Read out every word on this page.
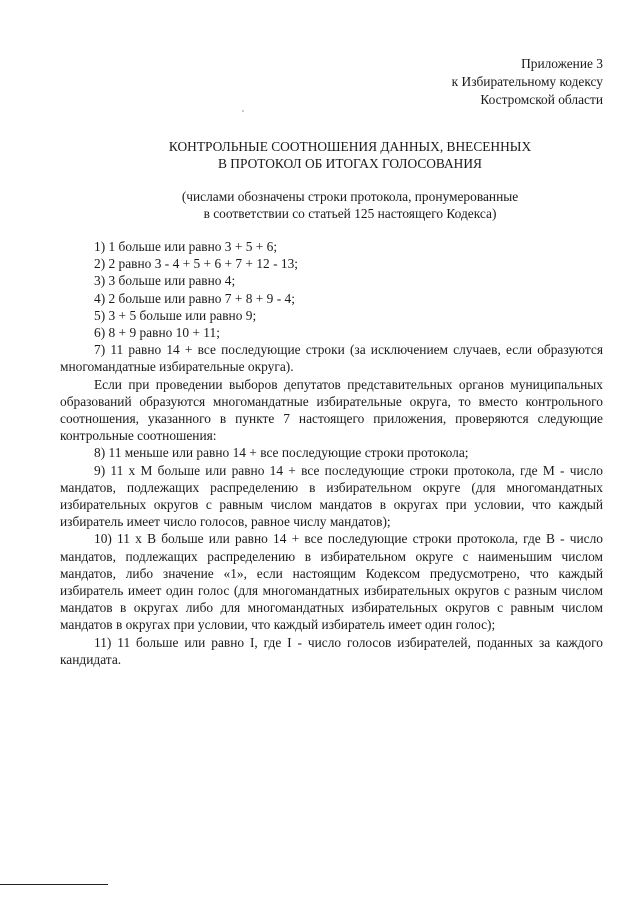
Приложение 3
к Избирательному кодексу
Костромской области
КОНТРОЛЬНЫЕ СООТНОШЕНИЯ ДАННЫХ, ВНЕСЕННЫХ
В ПРОТОКОЛ ОБ ИТОГАХ ГОЛОСОВАНИЯ
(числами обозначены строки протокола, пронумерованные
в соответствии со статьей 125 настоящего Кодекса)

1) 1 больше или равно 3 + 5 + 6;

2) 2 равно 3 - 4 + 5 + 6 + 7 + 12 - 13;

3) 3 больше или равно 4;

4) 2 больше или равно 7 + 8 + 9 - 4;

5) 3 + 5 больше или равно 9;

6) 8 + 9 равно 10 + 11;

7) 11 равно 14 + все последующие строки (за исключением случаев, если образуются многомандатные избирательные округа).

Если при проведении выборов депутатов представительных органов муниципальных образований образуются многомандатные избирательные округа, то вместо контрольного соотношения, указанного в пункте 7 настоящего приложения, проверяются следующие контрольные соотношения:

8) 11 меньше или равно 14 + все последующие строки протокола;

9) 11 x M больше или равно 14 + все последующие строки протокола, где M - число мандатов, подлежащих распределению в избирательном округе (для многомандатных избирательных округов с равным числом мандатов в округах при условии, что каждый избиратель имеет число голосов, равное числу мандатов);

10) 11 x B больше или равно 14 + все последующие строки протокола, где B - число мандатов, подлежащих распределению в избирательном округе с наименьшим числом мандатов, либо значение «1», если настоящим Кодексом предусмотрено, что каждый избиратель имеет один голос (для многомандатных избирательных округов с разным числом мандатов в округах либо для многомандатных избирательных округов с равным числом мандатов в округах при условии, что каждый избиратель имеет один голос);

11) 11 больше или равно I, где I - число голосов избирателей, поданных за каждого кандидата.
